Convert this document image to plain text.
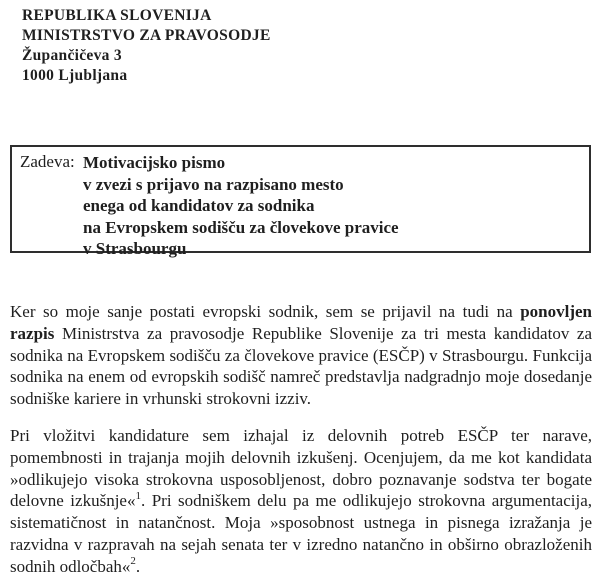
REPUBLIKA SLOVENIJA
MINISTRSTVO ZA PRAVOSODJE
Župančičeva 3
1000 Ljubljana
Zadeva: Motivacijsko pismo
v zvezi s prijavo na razpisano mesto
enega od kandidatov za sodnika
na Evropskem sodišču za človekove pravice
v Strasbourgu

Ker so moje sanje postati evropski sodnik, sem se prijavil na tudi na ponovljen razpis Ministrstva za pravosodje Republike Slovenije za tri mesta kandidatov za sodnika na Evropskem sodišču za človekove pravice (ESČP) v Strasbourgu. Funkcija sodnika na enem od evropskih sodišč namreč predstavlja nadgradnjo moje dosedanje sodniške kariere in vrhunski strokovni izziv.

Pri vložitvi kandidature sem izhajal iz delovnih potreb ESČP ter narave, pomembnosti in trajanja mojih delovnih izkušenj. Ocenjujem, da me kot kandidata »odlikujejo visoka strokovna usposobljenost, dobro poznavanje sodstva ter bogate delovne izkušnje«$^1$. Pri sodniškem delu pa me odlikujejo strokovna argumentacija, sistematičnost in natančnost. Moja »sposobnost ustnega in pisnega izražanja je razvidna v razpravah na sejah senata ter v izredno natančno in obširno obrazloženih sodnih odločbah«$^2$.
